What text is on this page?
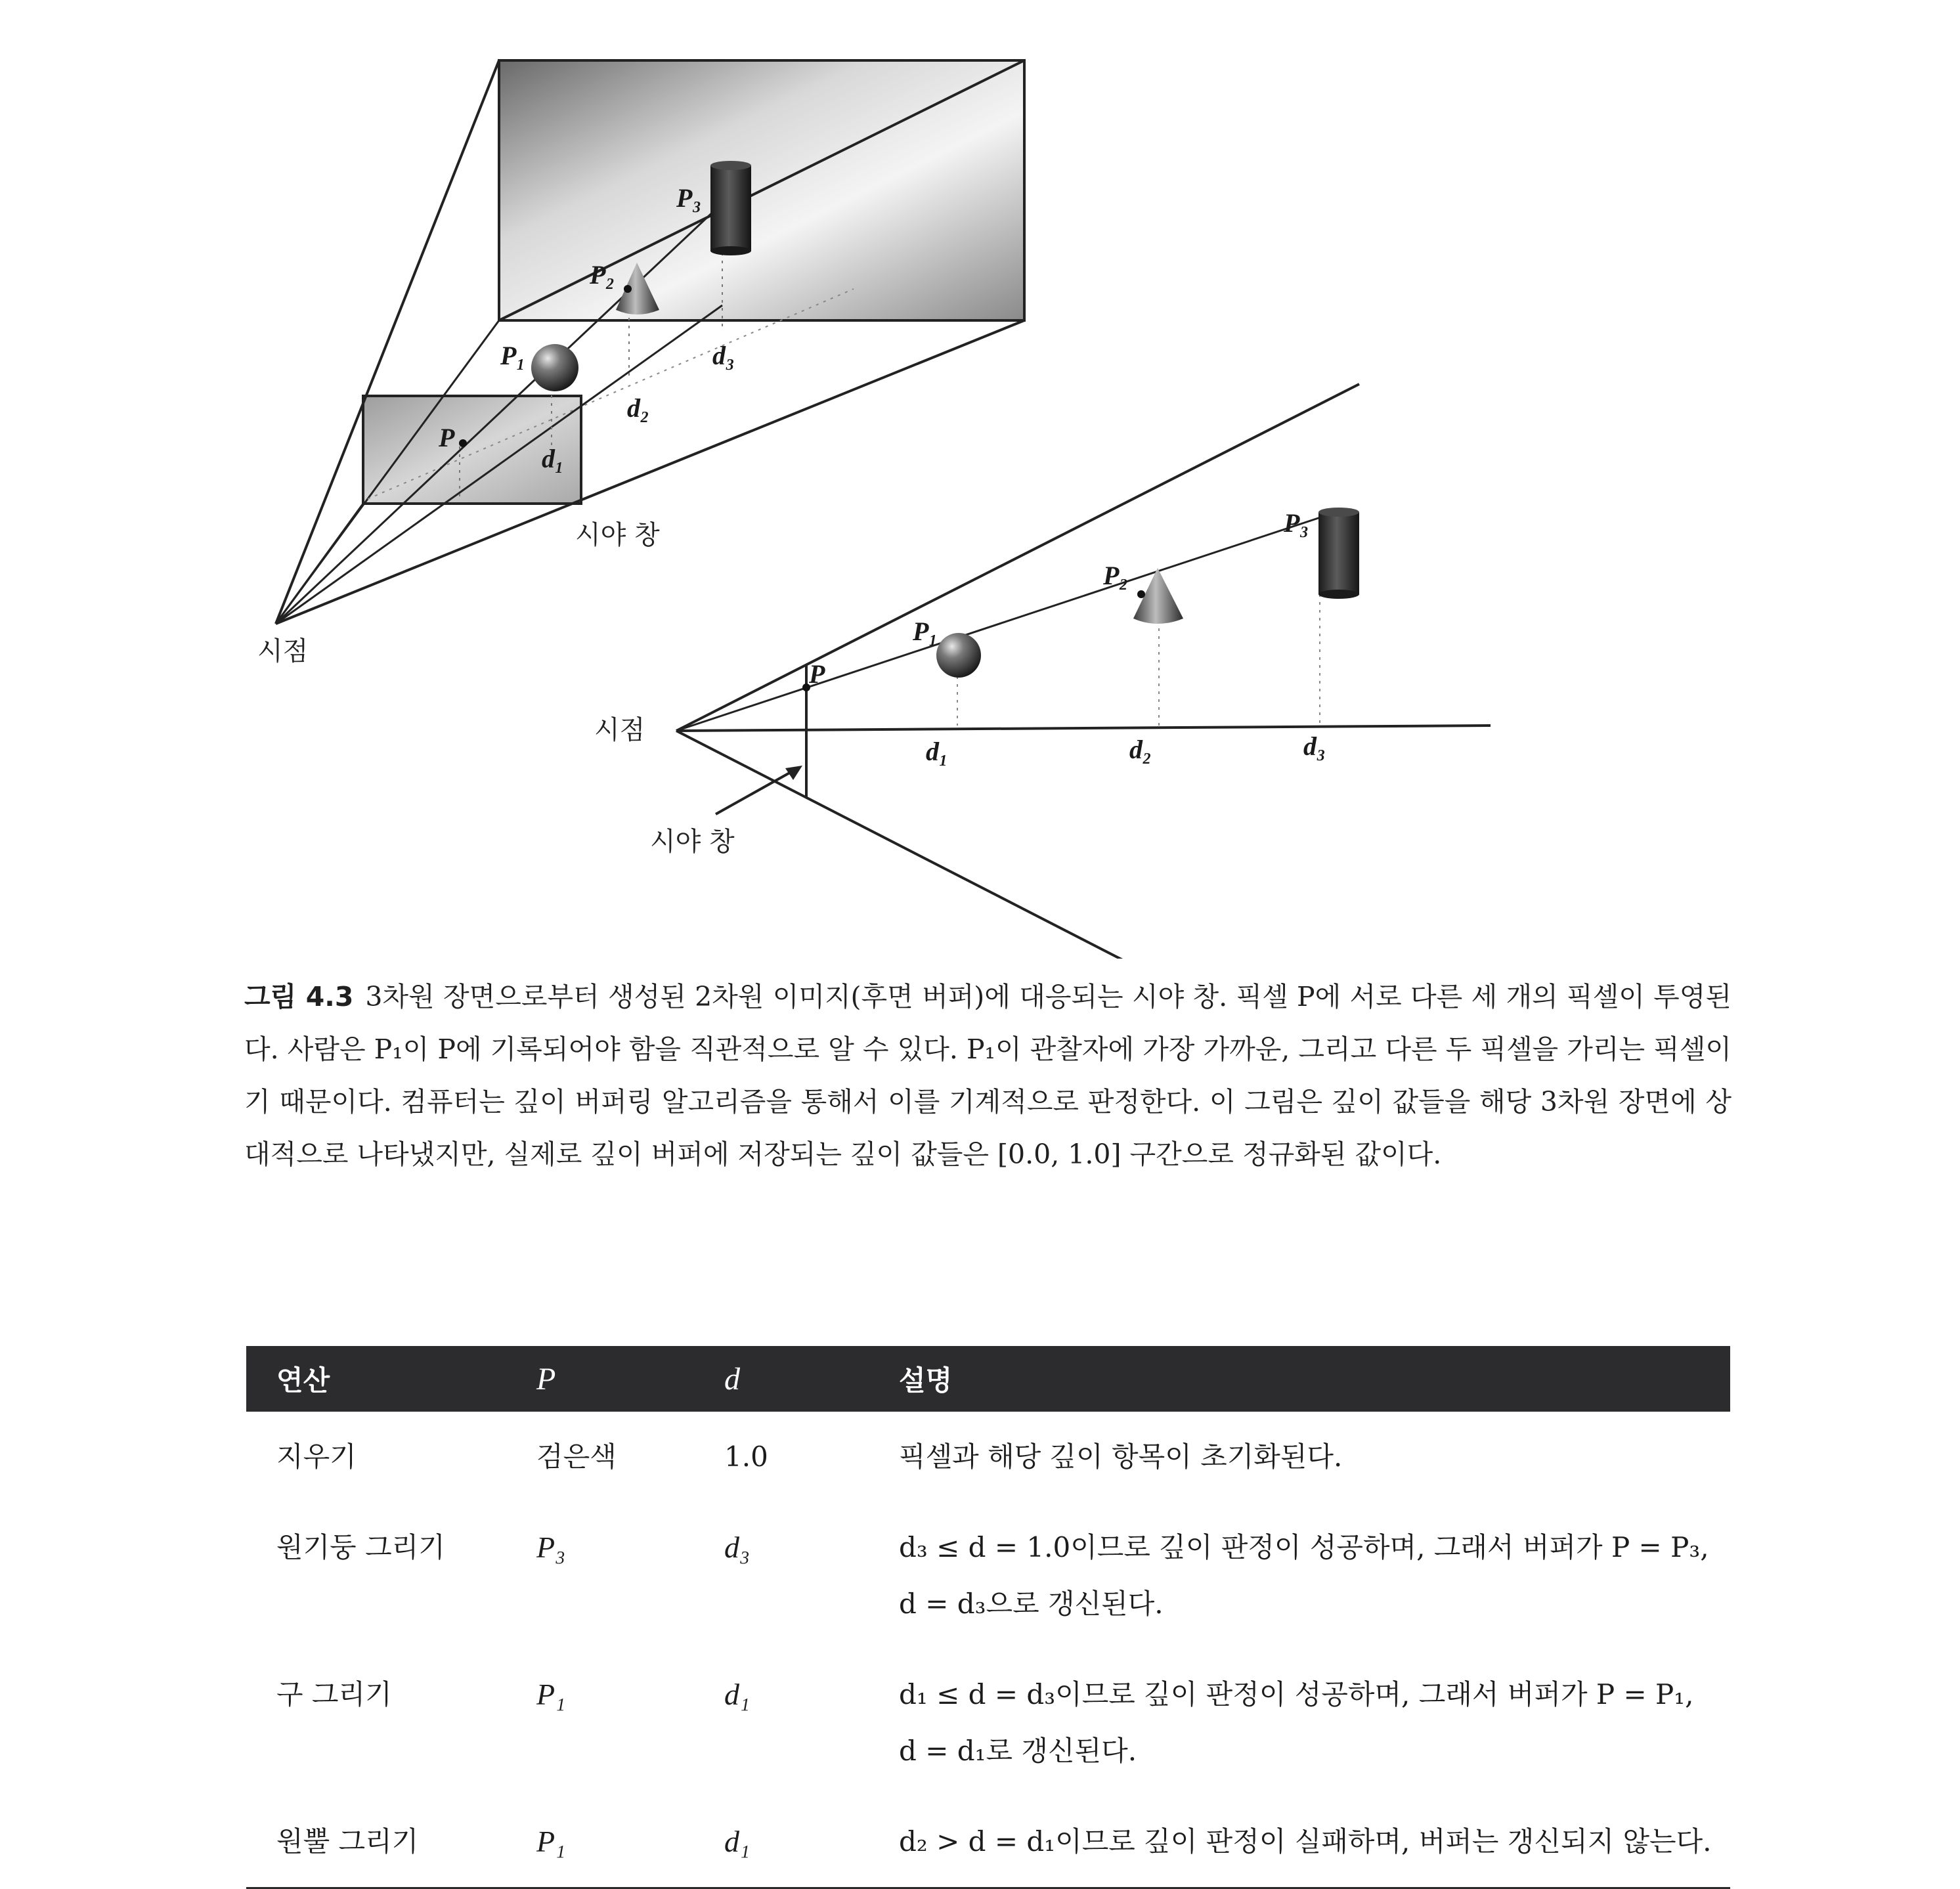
P₃
P₂
P₁
P
d₃
d₂
d₁
시야 창
시점
P
P₁
P₂
P₃
d₁	d₂	d₃
시점
시야 창
그림 4.3 3차원 장면으로부터 생성된 2차원 이미지(후면 버퍼)에 대응되는 시야 창. 픽셀 P에 서로 다른 세 개의 픽셀이 투영된다. 사람은 P₁이 P에 기록되어야 함을 직관적으로 알 수 있다. P₁이 관찰자에 가장 가까운, 그리고 다른 두 픽셀을 가리는 픽셀이기 때문이다. 컴퓨터는 깊이 버퍼링 알고리즘을 통해서 이를 기계적으로 판정한다. 이 그림은 깊이 값들을 해당 3차원 장면에 상대적으로 나타냈지만, 실제로 깊이 버퍼에 저장되는 깊이 값들은 [0.0, 1.0] 구간으로 정규화된 값이다.
연산	P	d	설명
지우기	검은색	1.0	픽셀과 해당 깊이 항목이 초기화된다.
원기둥 그리기	P₃	d₃	d₃ ≤ d = 1.0이므로 깊이 판정이 성공하며, 그래서 버퍼가 P = P₃, d = d₃으로 갱신된다.
구 그리기	P₁	d₁	d₁ ≤ d = d₃이므로 깊이 판정이 성공하며, 그래서 버퍼가 P = P₁, d = d₁로 갱신된다.
원뿔 그리기	P₁	d₁	d₂ > d = d₁이므로 깊이 판정이 실패하며, 버퍼는 갱신되지 않는다.
